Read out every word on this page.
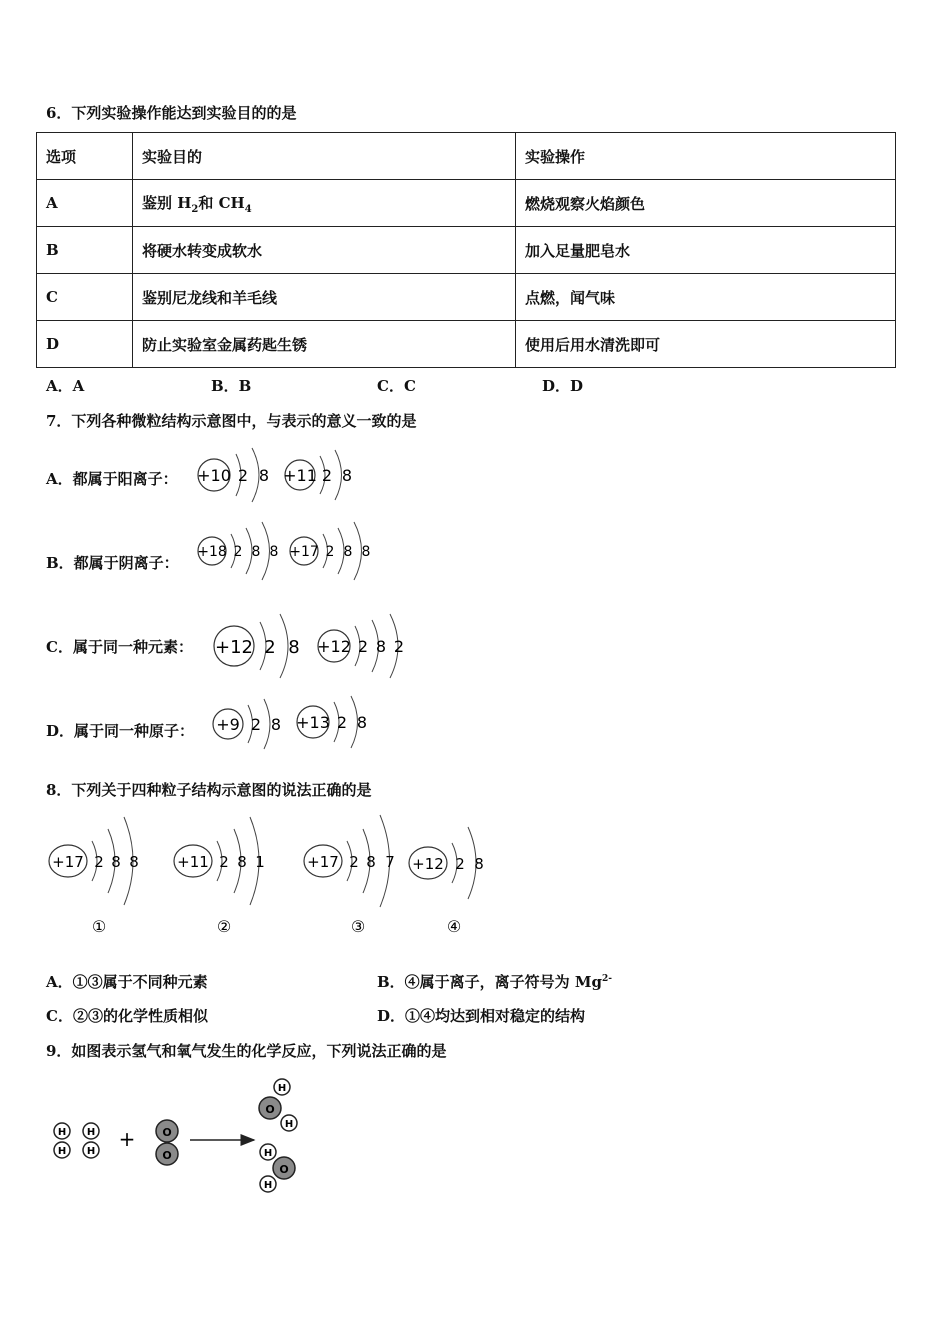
6．下列实验操作能达到实验目的的是
选项	实验目的	实验操作
A	鉴别 $H_2$和 $CH_4$	燃烧观察火焰颜色
B	将硬水转变成软水	加入足量肥皂水
C	鉴别尼龙线和羊毛线	点燃，闻气味
D	防止实验室金属药匙生锈	使用后用水清洗即可
A．A	B．B	C．C	D．D
7．下列各种微粒结构示意图中，与表示的意义一致的是
A．都属于阳离子：
B．都属于阴离子：
C．属于同一种元素：
D．属于同一种原子：
+10 2 8 +11 2 8
+18 2 8 8 +17 2 8 8
+12 2 8 +12 2 8 2
+9 2 8 +13 2 8
8．下列关于四种粒子结构示意图的说法正确的是
+17 2 8 8
①
+11 2 8 1
②
+17 2 8 7
③
+12 2 8
④
A．①③属于不同种元素	B．④属于离子，离子符号为 $Mg^{2-}$
C．②③的化学性质相似	D．①④均达到相对稳定的结构
9．如图表示氢气和氧气发生的化学反应，下列说法正确的是
H
H
H
H
+ O
O
O
H
H
O
H
H
